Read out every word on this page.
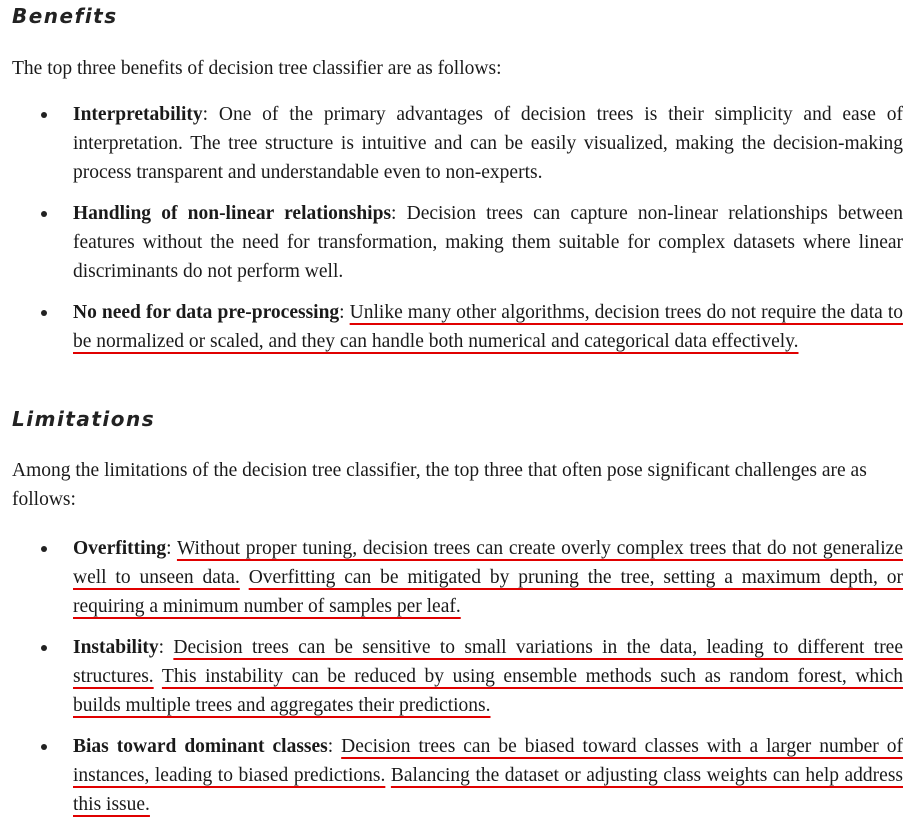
Benefits

The top three benefits of decision tree classifier are as follows:

Interpretability: One of the primary advantages of decision trees is their simplicity and ease of interpretation. The tree structure is intuitive and can be easily visualized, making the decision-making process transparent and understandable even to non-experts.
Handling of non-linear relationships: Decision trees can capture non-linear relationships between features without the need for transformation, making them suitable for complex datasets where linear discriminants do not perform well.
No need for data pre-processing: Unlike many other algorithms, decision trees do not require the data to be normalized or scaled, and they can handle both numerical and categorical data effectively.
Limitations

Among the limitations of the decision tree classifier, the top three that often pose significant challenges are as follows:

Overfitting: Without proper tuning, decision trees can create overly complex trees that do not generalize well to unseen data. Overfitting can be mitigated by pruning the tree, setting a maximum depth, or requiring a minimum number of samples per leaf.
Instability: Decision trees can be sensitive to small variations in the data, leading to different tree structures. This instability can be reduced by using ensemble methods such as random forest, which builds multiple trees and aggregates their predictions.
Bias toward dominant classes: Decision trees can be biased toward classes with a larger number of instances, leading to biased predictions. Balancing the dataset or adjusting class weights can help address this issue.
